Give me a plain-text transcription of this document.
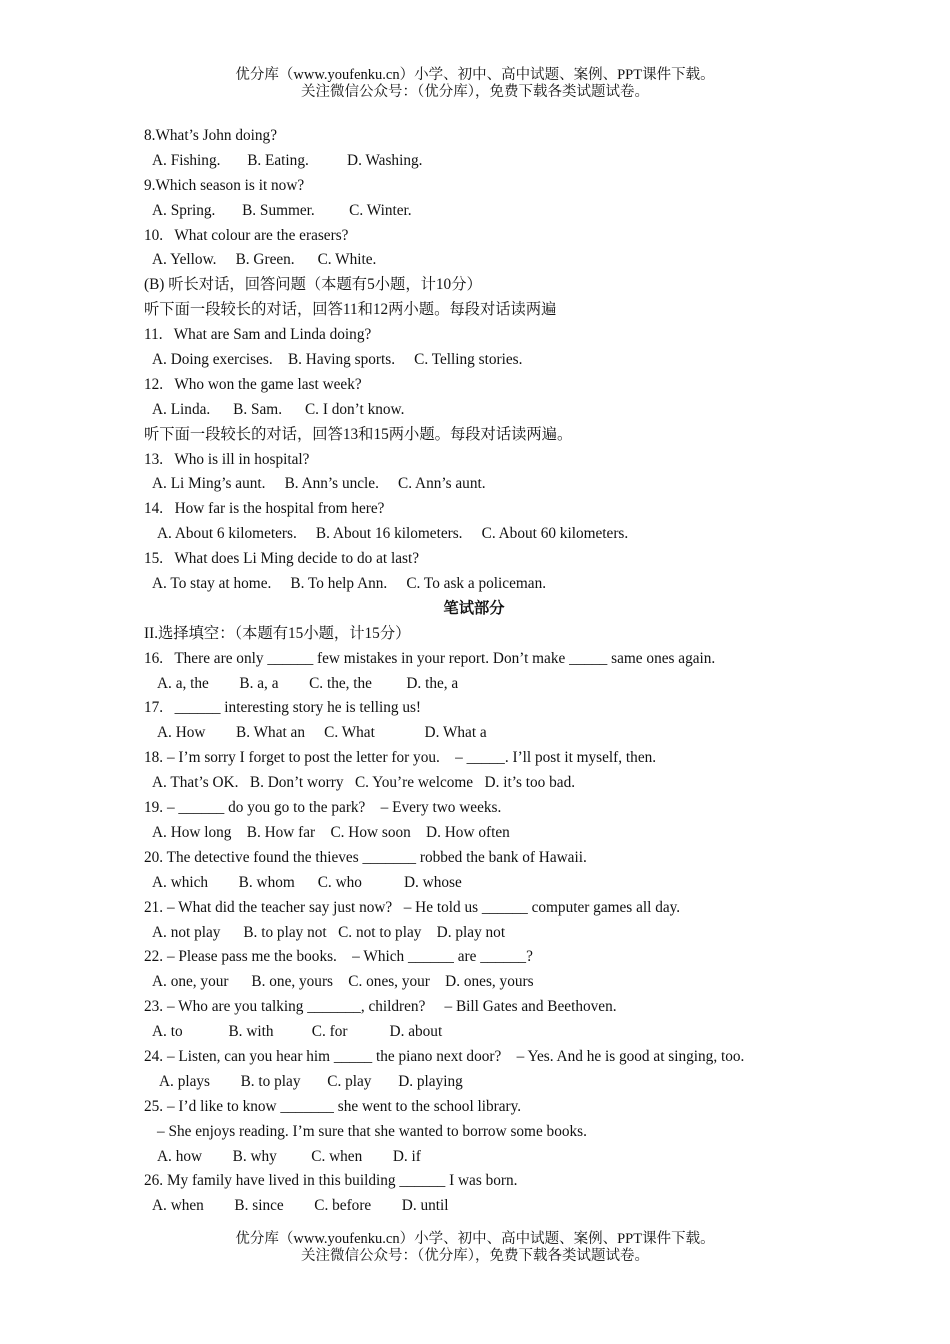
优分库（www.youfenku.cn）小学、初中、高中试题、案例、PPT课件下载。
关注微信公众号：（优分库），免费下载各类试题试卷。
8.What’s John doing?
A. Fishing.       B. Eating.          D. Washing.
9.Which season is it now?
A. Spring.       B. Summer.         C. Winter.
10.   What colour are the erasers?
A. Yellow.     B. Green.      C. White.
(B) 听长对话，回答问题（本题有5小题，计10分）
听下面一段较长的对话，回答11和12两小题。每段对话读两遍
11.   What are Sam and Linda doing?
A. Doing exercises.    B. Having sports.     C. Telling stories.
12.   Who won the game last week?
A. Linda.      B. Sam.      C. I don’t know.
听下面一段较长的对话，回答13和15两小题。每段对话读两遍。
13.   Who is ill in hospital?
A. Li Ming’s aunt.     B. Ann’s uncle.     C. Ann’s aunt.
14.   How far is the hospital from here?
A. About 6 kilometers.     B. About 16 kilometers.     C. About 60 kilometers.
15.   What does Li Ming decide to do at last?
A. To stay at home.     B. To help Ann.     C. To ask a policeman.
笔试部分
II.选择填空：（本题有15小题，计15分）
16.   There are only ______ few mistakes in your report. Don’t make _____ same ones again.
A. a, the        B. a, a        C. the, the         D. the, a
17.   ______ interesting story he is telling us!
A. How        B. What an     C. What             D. What a
18. – I’m sorry I forget to post the letter for you.    – _____. I’ll post it myself, then.
A. That’s OK.   B. Don’t worry   C. You’re welcome   D. it’s too bad.
19. – ______ do you go to the park?    – Every two weeks.
A. How long    B. How far    C. How soon    D. How often
20. The detective found the thieves _______ robbed the bank of Hawaii.
A. which        B. whom      C. who           D. whose
21. – What did the teacher say just now?   – He told us ______ computer games all day.
A. not play      B. to play not   C. not to play    D. play not
22. – Please pass me the books.    – Which ______ are ______?
A. one, your      B. one, yours    C. ones, your    D. ones, yours
23. – Who are you talking _______, children?     – Bill Gates and Beethoven.
A. to            B. with          C. for           D. about
24. – Listen, can you hear him _____ the piano next door?    – Yes. And he is good at singing, too.
A. plays        B. to play       C. play       D. playing
25. – I’d like to know _______ she went to the school library.
– She enjoys reading. I’m sure that she wanted to borrow some books.
A. how        B. why         C. when        D. if
26. My family have lived in this building ______ I was born.
A. when        B. since        C. before        D. until
优分库（www.youfenku.cn）小学、初中、高中试题、案例、PPT课件下载。
关注微信公众号：（优分库），免费下载各类试题试卷。
